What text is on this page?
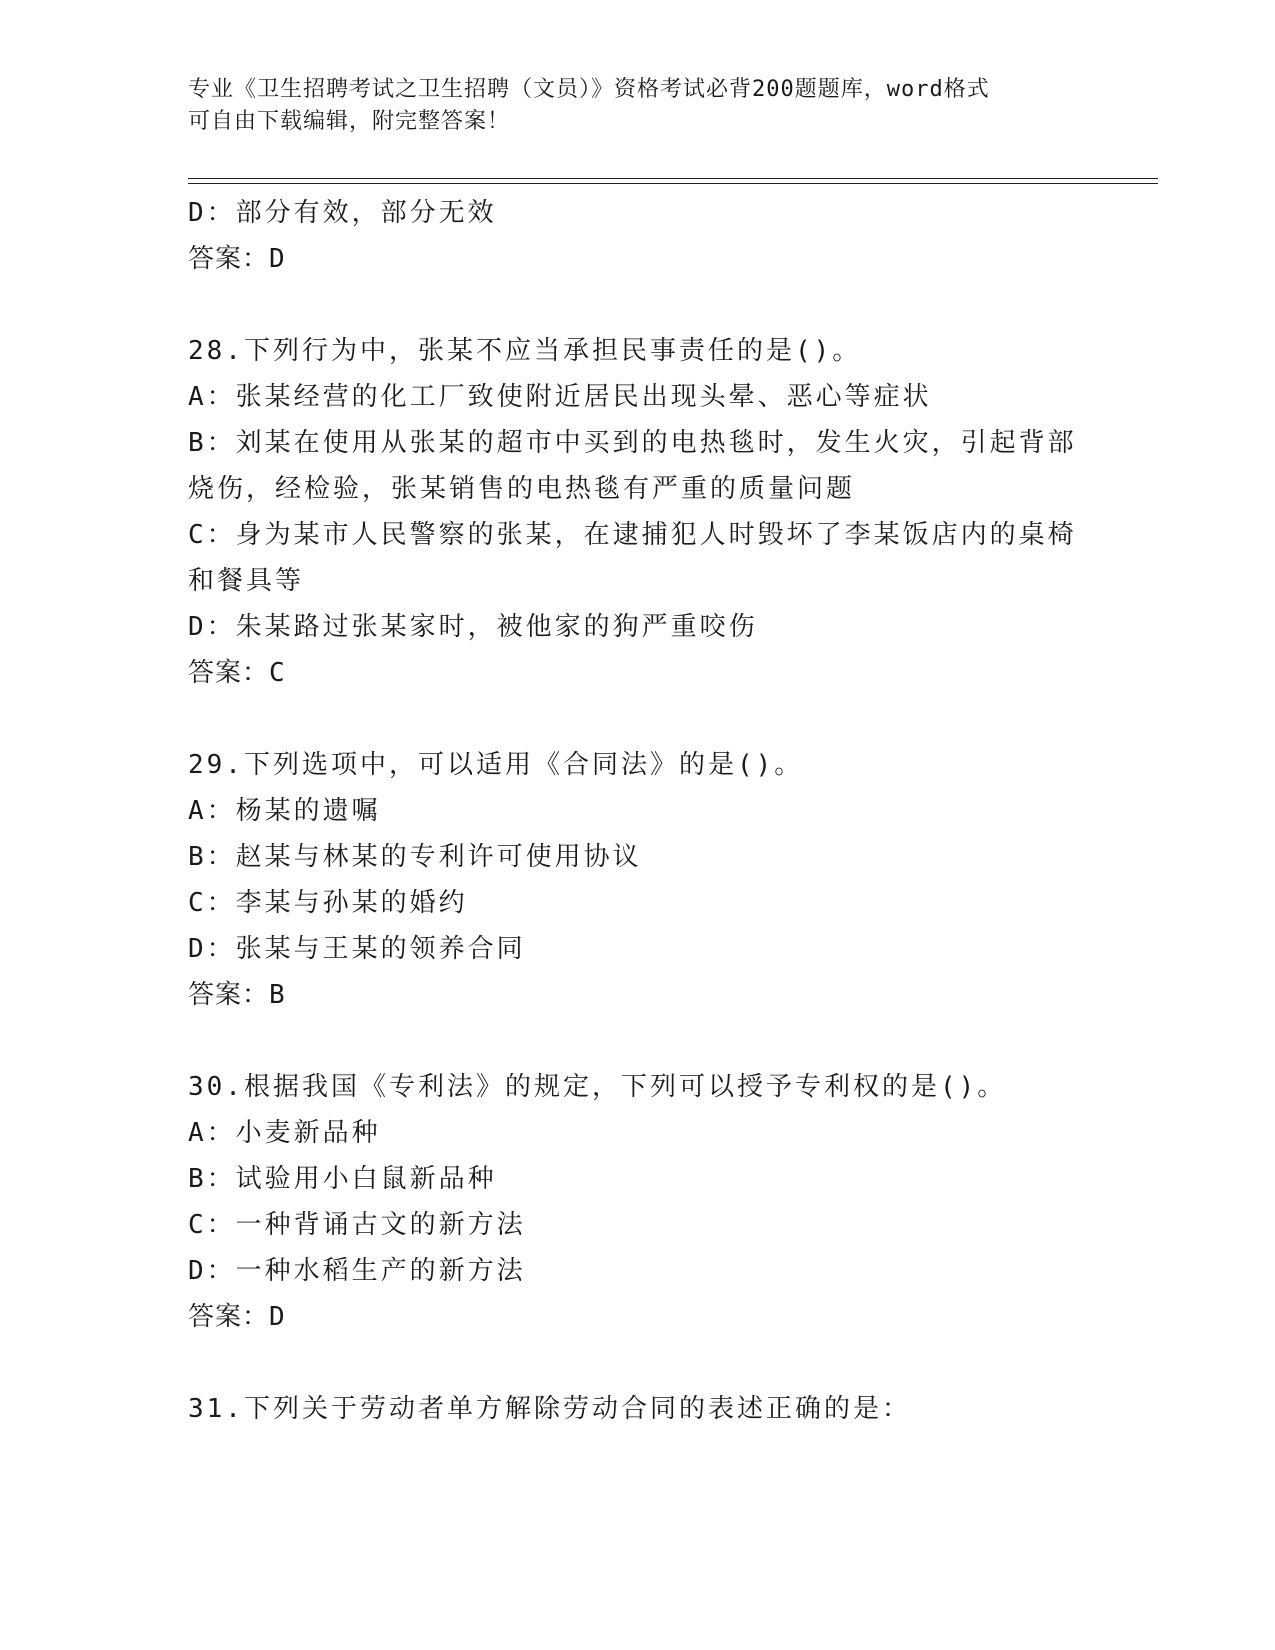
专业《卫生招聘考试之卫生招聘（文员）》资格考试必背200题题库，word格式
可自由下载编辑，附完整答案！
D：部分有效，部分无效
答案：D
28.下列行为中，张某不应当承担民事责任的是()。
A：张某经营的化工厂致使附近居民出现头晕、恶心等症状
B：刘某在使用从张某的超市中买到的电热毯时，发生火灾，引起背部烧伤，经检验，张某销售的电热毯有严重的质量问题
C：身为某市人民警察的张某，在逮捕犯人时毁坏了李某饭店内的桌椅和餐具等
D：朱某路过张某家时，被他家的狗严重咬伤
答案：C
29.下列选项中，可以适用《合同法》的是()。
A：杨某的遗嘱
B：赵某与林某的专利许可使用协议
C：李某与孙某的婚约
D：张某与王某的领养合同
答案：B
30.根据我国《专利法》的规定，下列可以授予专利权的是()。
A：小麦新品种
B：试验用小白鼠新品种
C：一种背诵古文的新方法
D：一种水稻生产的新方法
答案：D
31.下列关于劳动者单方解除劳动合同的表述正确的是：
